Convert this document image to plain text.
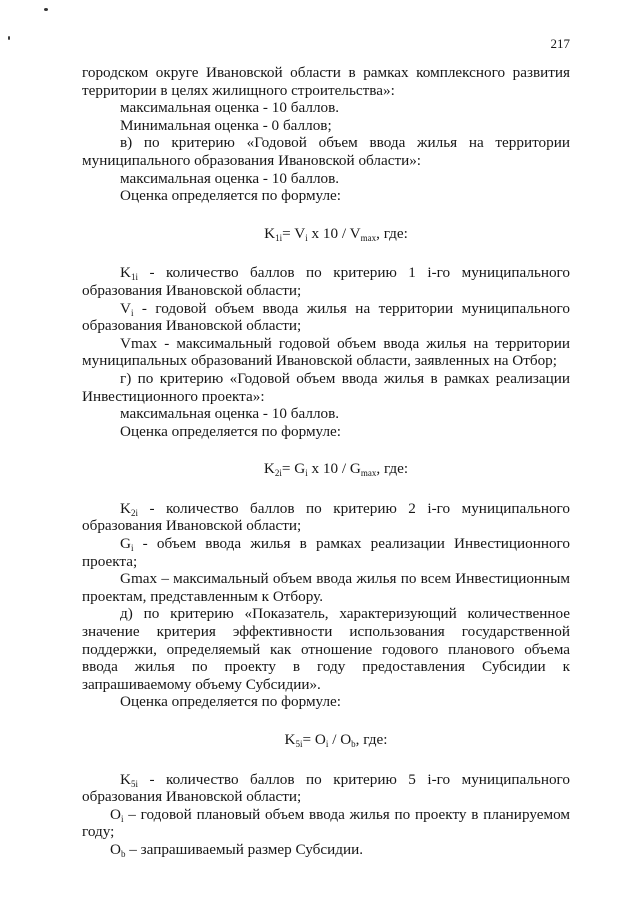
217

городском округе Ивановской области в рамках комплексного развития территории в целях жилищного строительства»:

максимальная оценка - 10 баллов.

Минимальная оценка - 0 баллов;

в) по критерию «Годовой объем ввода жилья на территории муниципального образования Ивановской области»:

максимальная оценка - 10 баллов.

Оценка определяется по формуле:

$K_{1i}= V_i$ x $10 / V_{max}$, где:

$K_{1i}$ - количество баллов по критерию 1 i-го муниципального образования Ивановской области;

$V_i$ - годовой объем ввода жилья на территории муниципального образования Ивановской области;

Vmax - максимальный годовой объем ввода жилья на территории муниципальных образований Ивановской области, заявленных на Отбор;

г) по критерию «Годовой объем ввода жилья в рамках реализации Инвестиционного проекта»:

максимальная оценка - 10 баллов.

Оценка определяется по формуле:

$K_{2i}= G_i$ x $10 / G_{max}$, где:

$K_{2i}$ - количество баллов по критерию 2 i-го муниципального образования Ивановской области;

$G_i$ - объем ввода жилья в рамках реализации Инвестиционного проекта;

Gmax – максимальный объем ввода жилья по всем Инвестиционным проектам, представленным к Отбору.

д) по критерию «Показатель, характеризующий количественное значение критерия эффективности использования государственной поддержки, определяемый как отношение годового планового объема ввода жилья по проекту в году предоставления Субсидии к запрашиваемому объему Субсидии».

Оценка определяется по формуле:

$K_{5i}= O_i / O_b$, где:

$K_{5i}$ - количество баллов по критерию 5 i-го муниципального образования Ивановской области;

$O_i$ – годовой плановый объем ввода жилья по проекту в планируемом году;

$O_b$ – запрашиваемый размер Субсидии.
